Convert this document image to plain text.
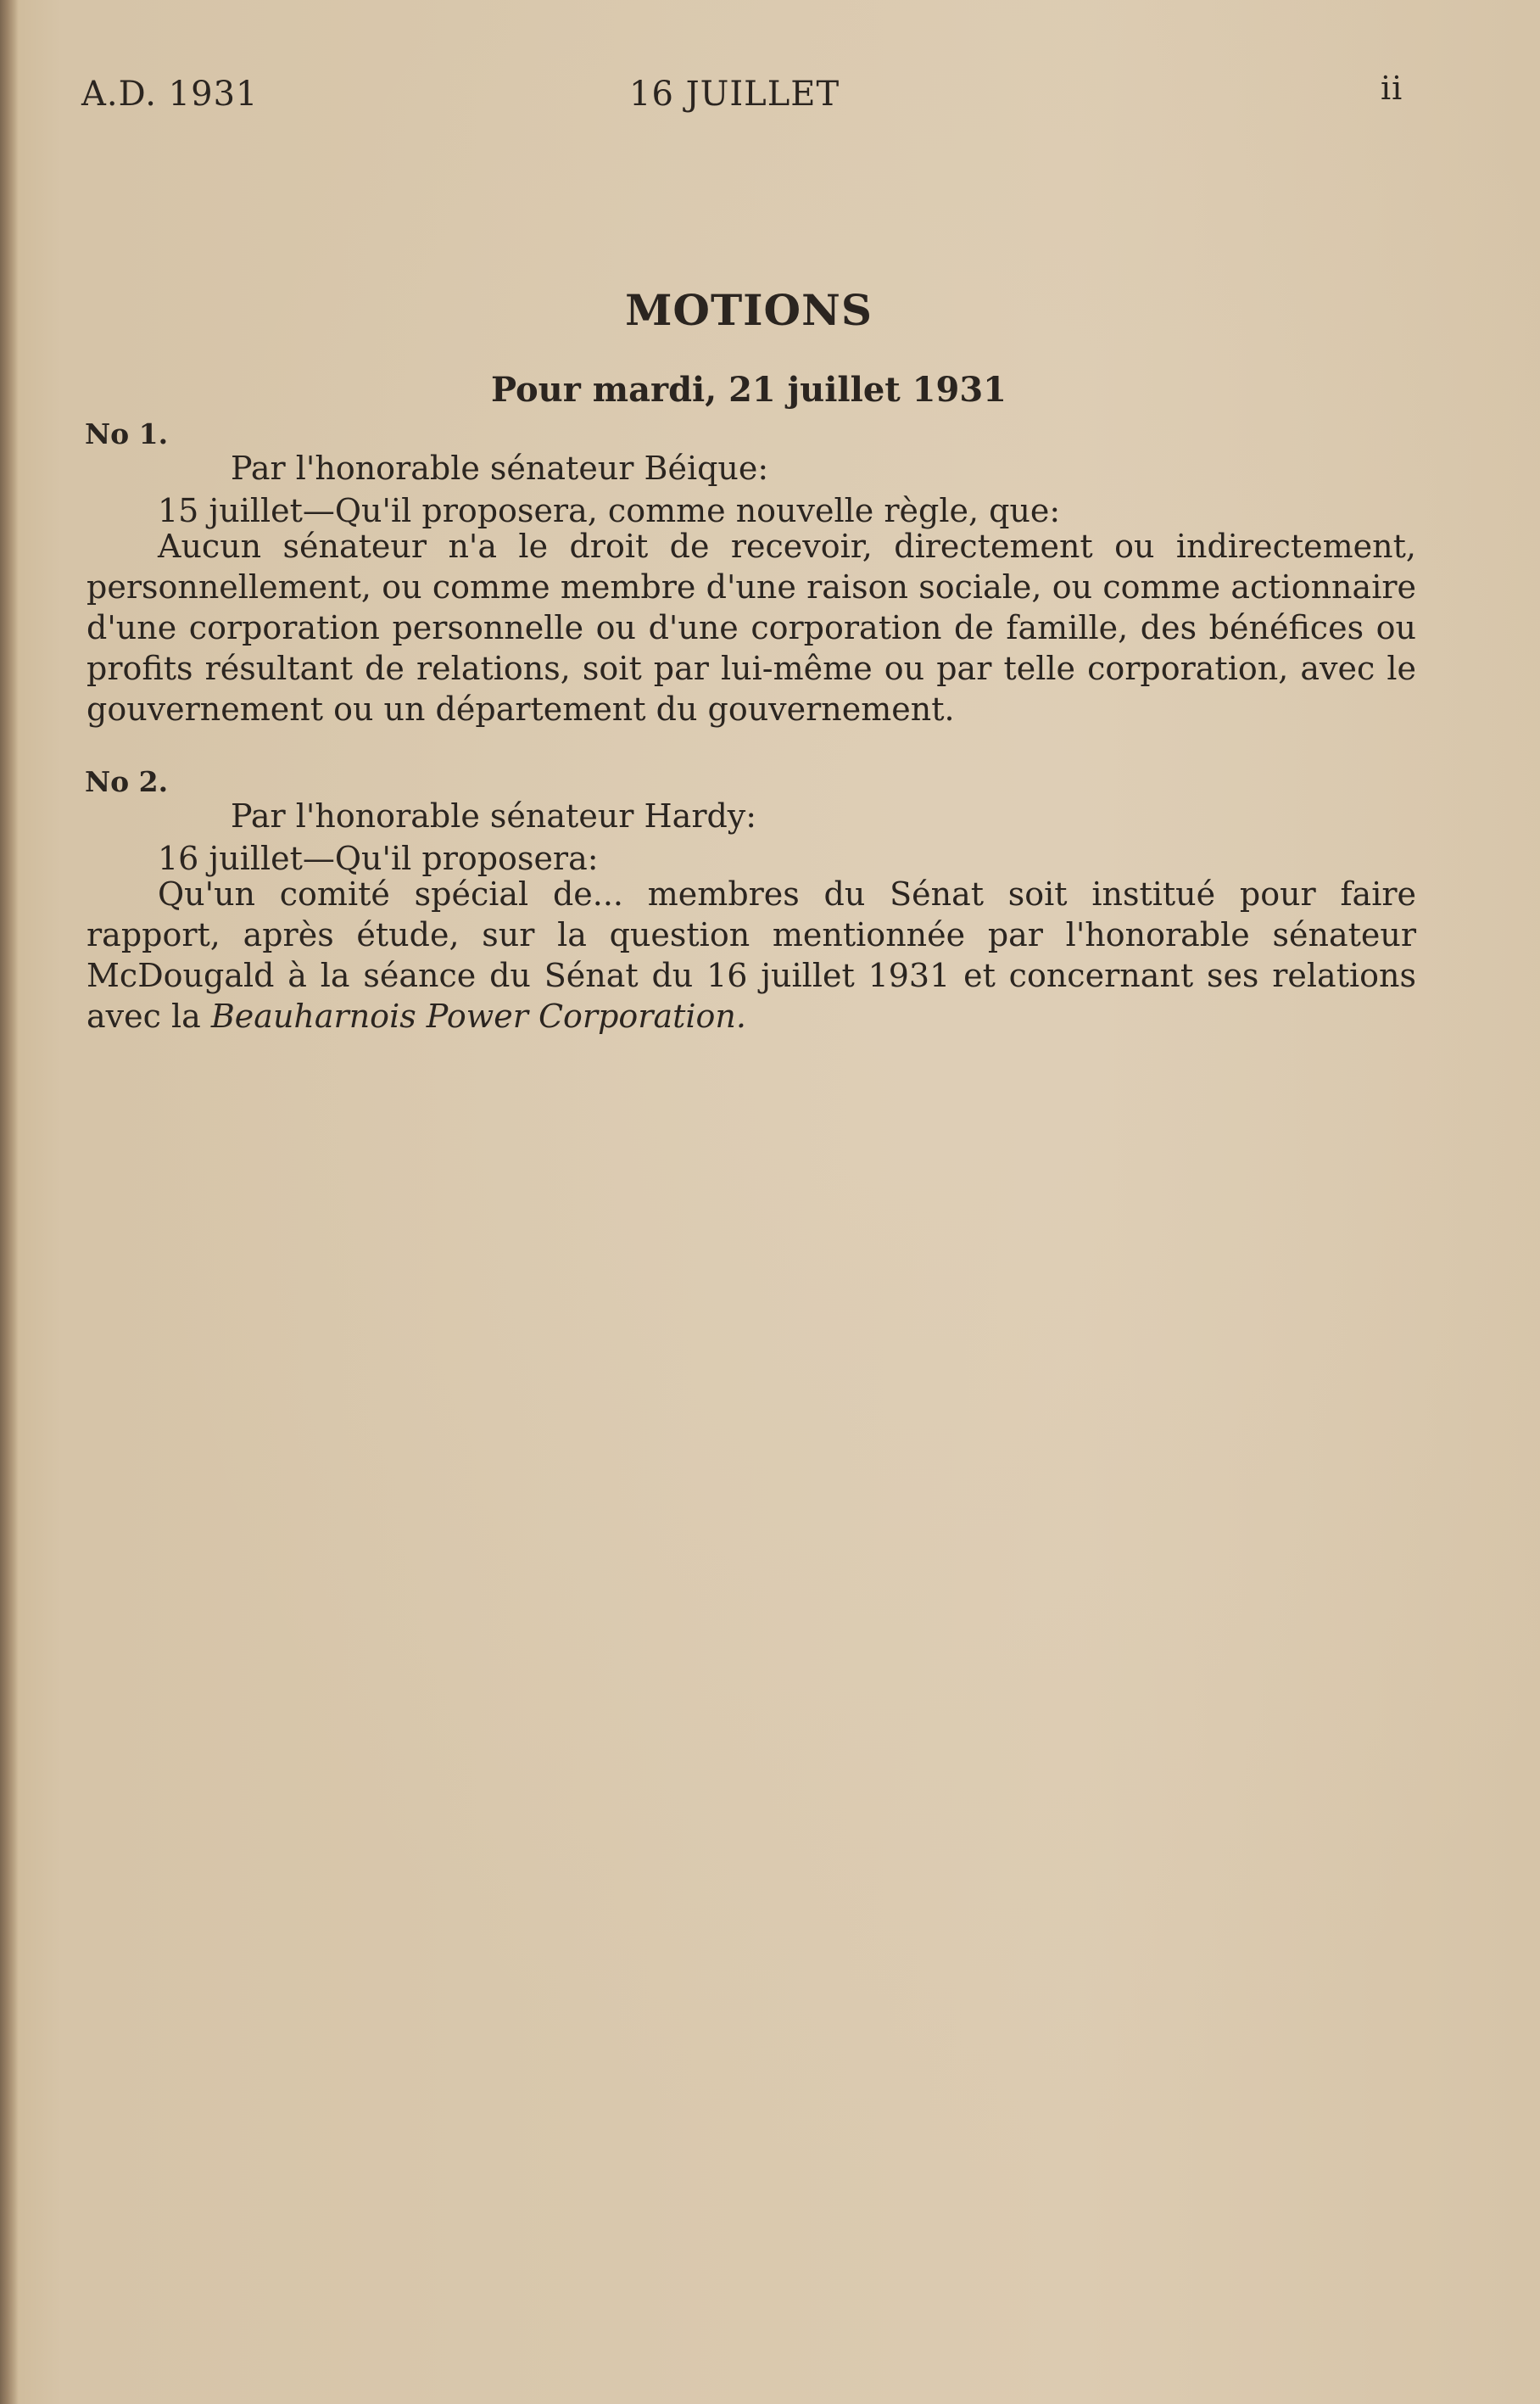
A.D. 1931	16 JUILLET	ii
MOTIONS
Pour mardi, 21 juillet 1931
No 1.
Par l'honorable sénateur Béique:
15 juillet—Qu'il proposera, comme nouvelle règle, que:
Aucun sénateur n'a le droit de recevoir, directement ou indirectement, personnellement, ou comme membre d'une raison sociale, ou comme actionnaire d'une corporation personnelle ou d'une corporation de famille, des bénéfices ou profits résultant de relations, soit par lui-même ou par telle corporation, avec le gouvernement ou un département du gouvernement.
No 2.
Par l'honorable sénateur Hardy:
16 juillet—Qu'il proposera:
Qu'un comité spécial de... membres du Sénat soit institué pour faire rapport, après étude, sur la question mentionnée par l'honorable sénateur McDougald à la séance du Sénat du 16 juillet 1931 et concernant ses relations avec la Beauharnois Power Corporation.
